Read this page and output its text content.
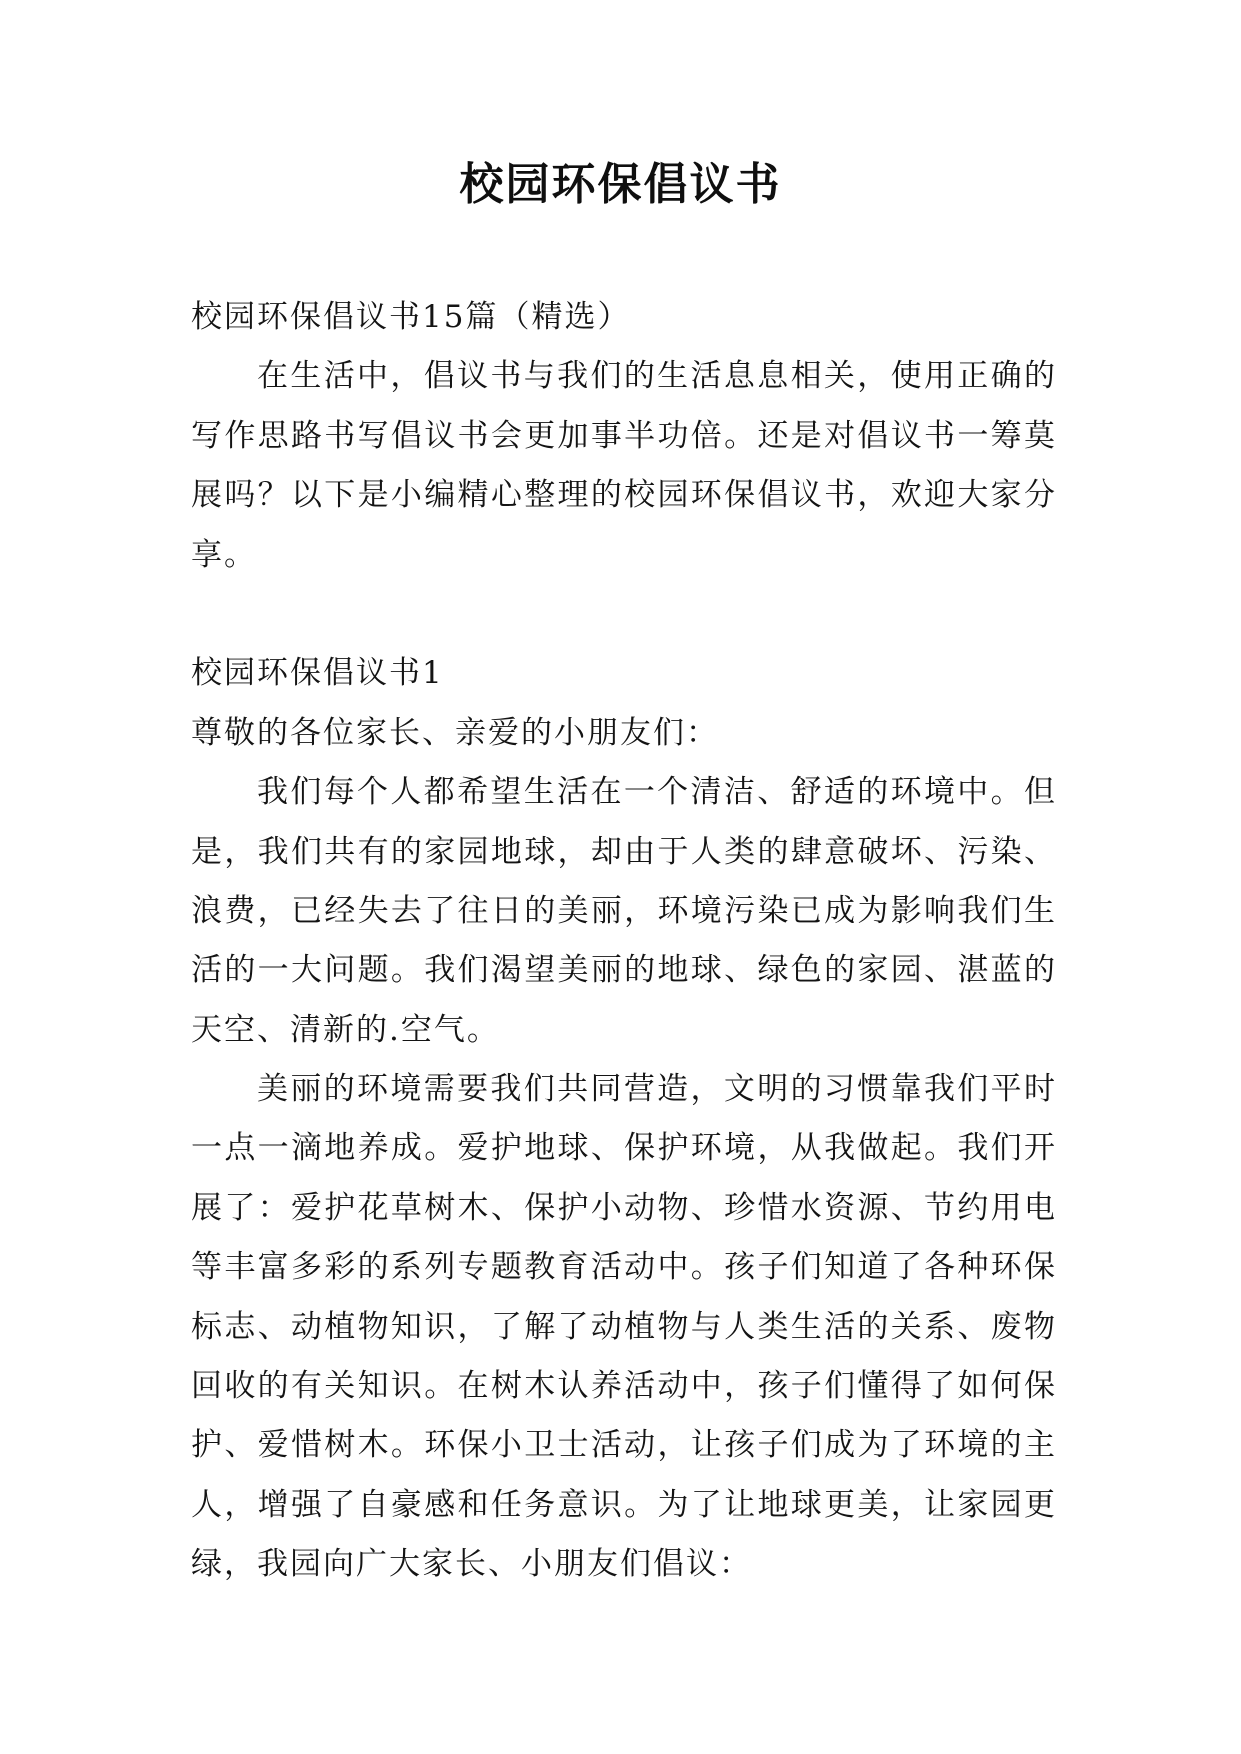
校园环保倡议书
校园环保倡议书15篇（精选）
在生活中，倡议书与我们的生活息息相关，使用正确的
写作思路书写倡议书会更加事半功倍。还是对倡议书一筹莫
展吗？以下是小编精心整理的校园环保倡议书，欢迎大家分
享。
校园环保倡议书1
尊敬的各位家长、亲爱的小朋友们：
我们每个人都希望生活在一个清洁、舒适的环境中。但
是，我们共有的家园地球，却由于人类的肆意破坏、污染、
浪费，已经失去了往日的美丽，环境污染已成为影响我们生
活的一大问题。我们渴望美丽的地球、绿色的家园、湛蓝的
天空、清新的.空气。
美丽的环境需要我们共同营造，文明的习惯靠我们平时
一点一滴地养成。爱护地球、保护环境，从我做起。我们开
展了：爱护花草树木、保护小动物、珍惜水资源、节约用电
等丰富多彩的系列专题教育活动中。孩子们知道了各种环保
标志、动植物知识，了解了动植物与人类生活的关系、废物
回收的有关知识。在树木认养活动中，孩子们懂得了如何保
护、爱惜树木。环保小卫士活动，让孩子们成为了环境的主
人，增强了自豪感和任务意识。为了让地球更美，让家园更
绿，我园向广大家长、小朋友们倡议：
